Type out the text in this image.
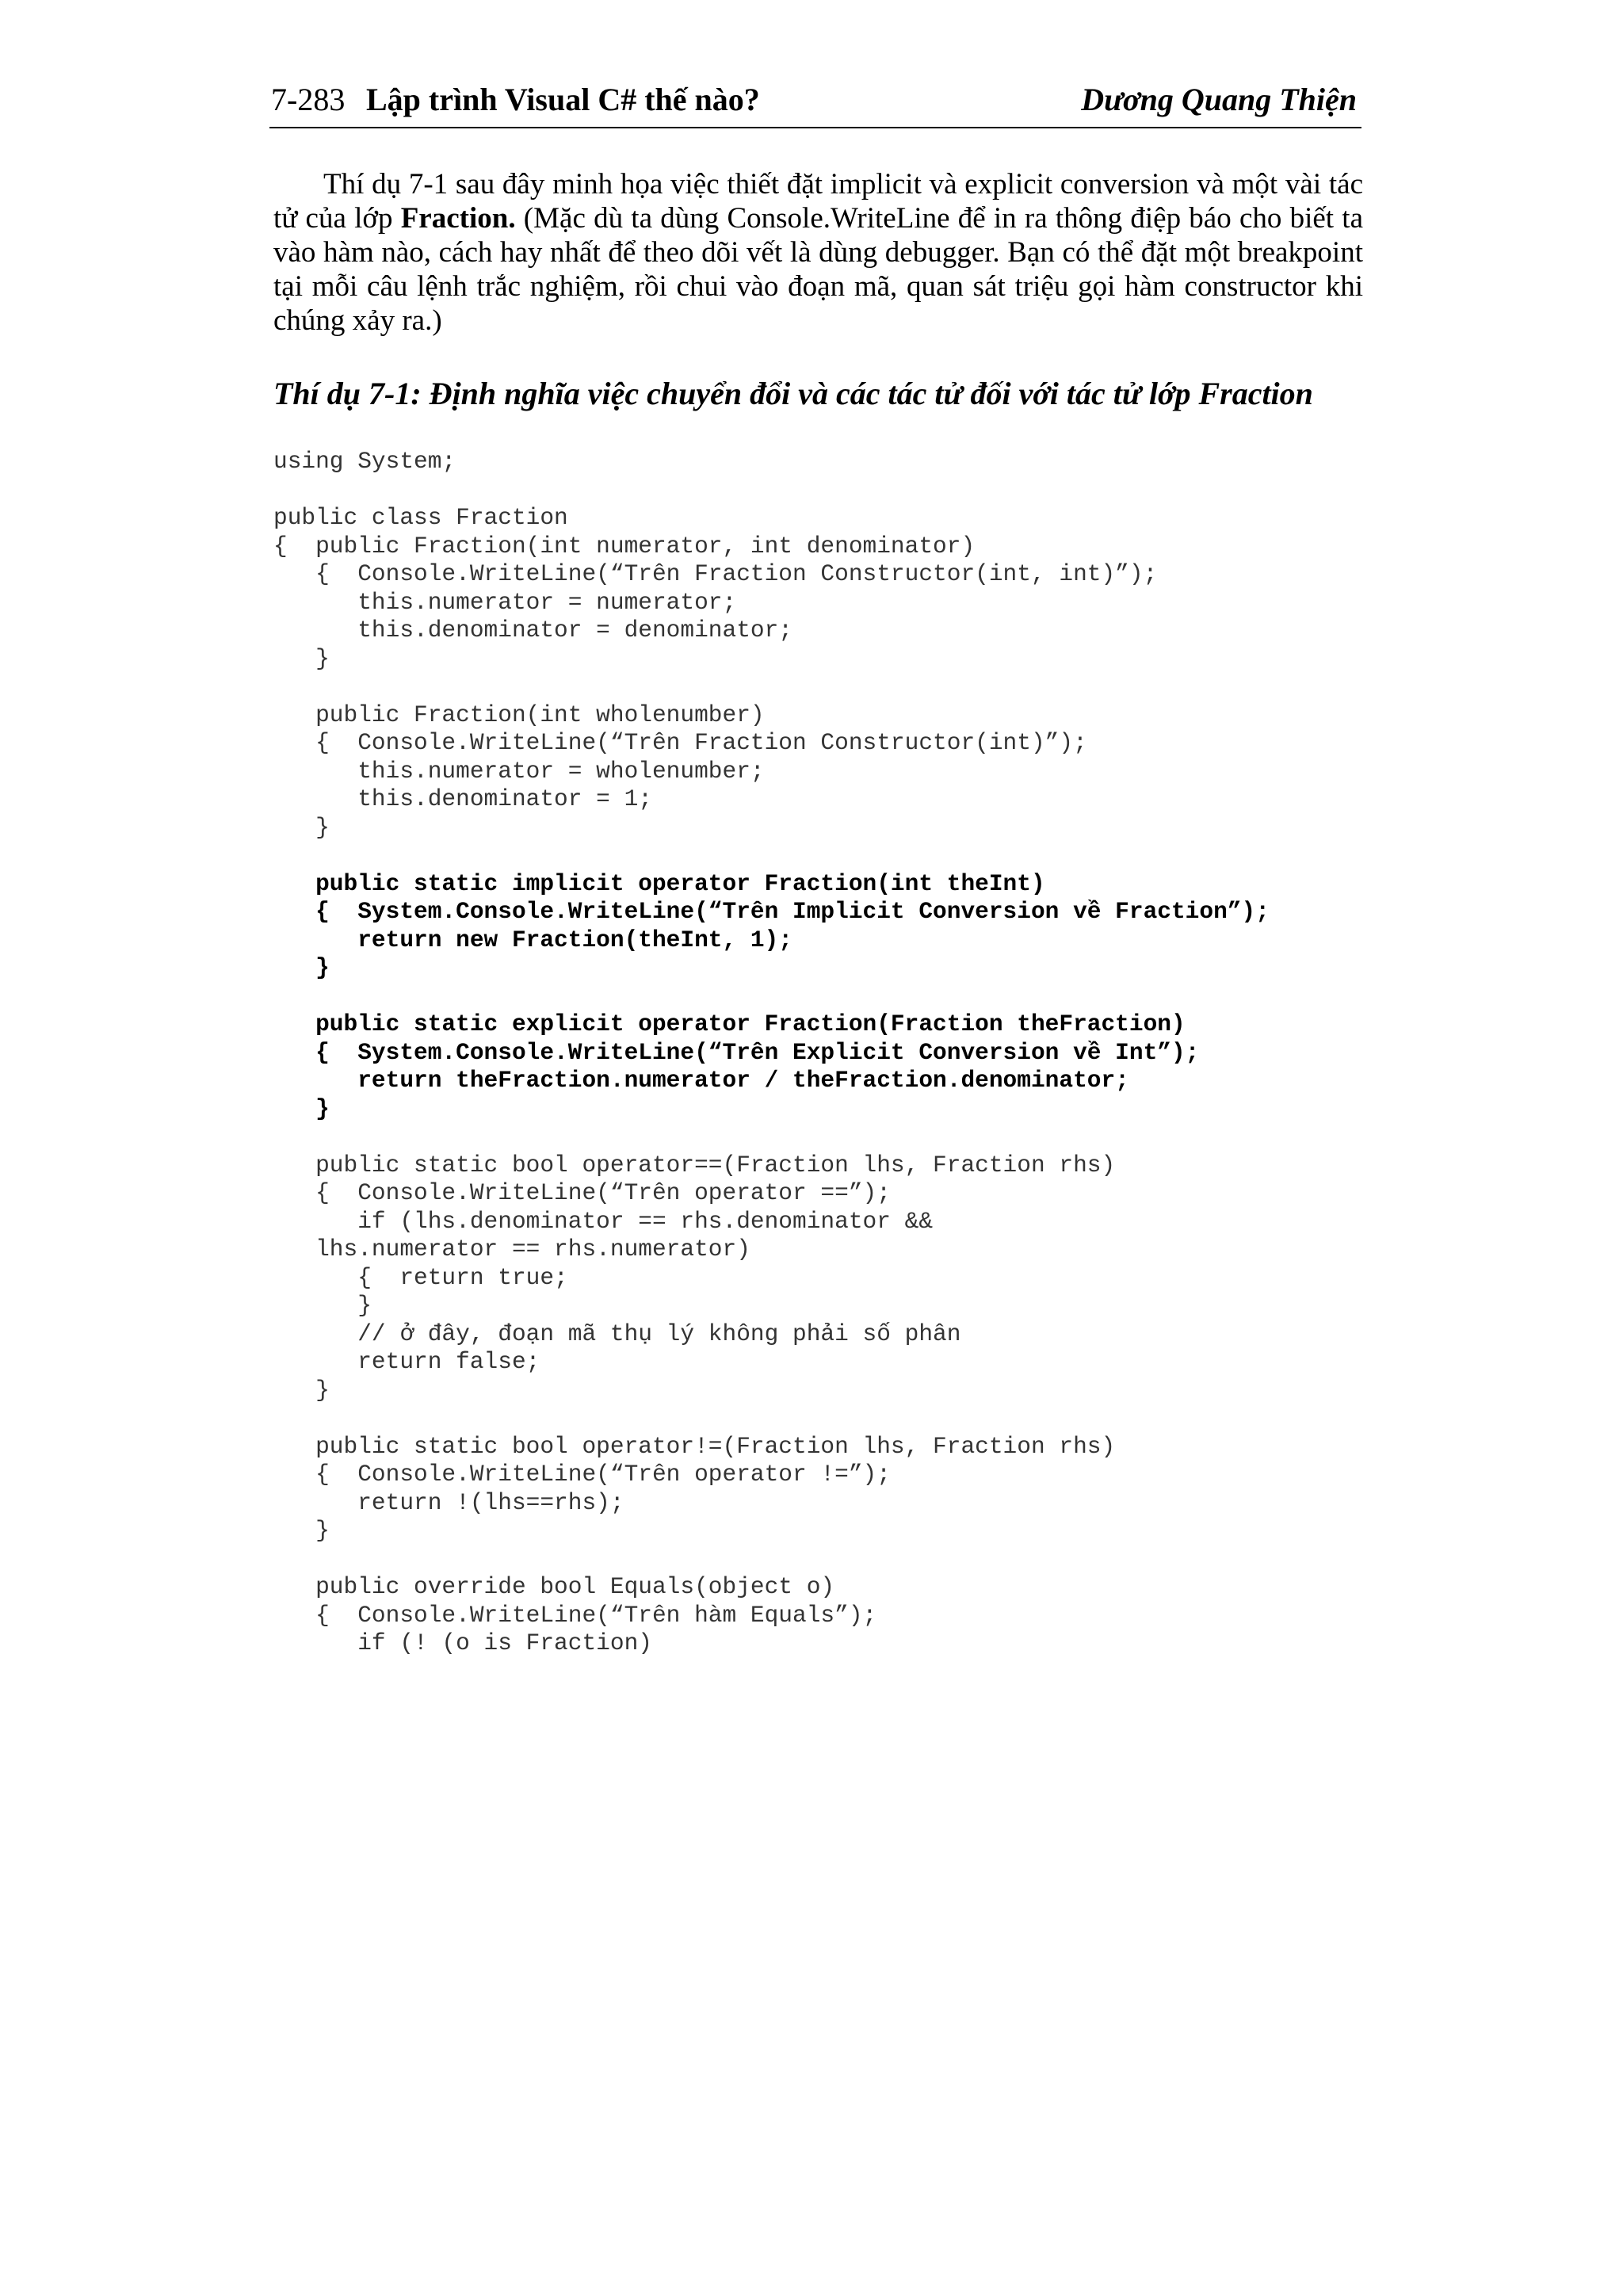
7-283 Lập trình Visual C# thế nào?	Dương Quang Thiện
Thí dụ 7-1 sau đây minh họa việc thiết đặt implicit và explicit conversion và một vài tác tử của lớp Fraction. (Mặc dù ta dùng Console.WriteLine để in ra thông điệp báo cho biết ta vào hàm nào, cách hay nhất để theo dõi vết là dùng debugger. Bạn có thể đặt một breakpoint tại mỗi câu lệnh trắc nghiệm, rồi chui vào đoạn mã, quan sát triệu gọi hàm constructor khi chúng xảy ra.)
Thí dụ 7-1: Định nghĩa việc chuyển đổi và các tác tử đối với tác tử lớp Fraction
using System;
public class Fraction
{  public Fraction(int numerator, int denominator)
{  Console.WriteLine(“Trên Fraction Constructor(int, int)”);
this.numerator = numerator;
this.denominator = denominator;
}
public Fraction(int wholenumber)
{  Console.WriteLine(“Trên Fraction Constructor(int)”);
this.numerator = wholenumber;
this.denominator = 1;
}
public static implicit operator Fraction(int theInt)
{  System.Console.WriteLine(“Trên Implicit Conversion về Fraction”);
return new Fraction(theInt, 1);
}
public static explicit operator Fraction(Fraction theFraction)
{  System.Console.WriteLine(“Trên Explicit Conversion về Int”);
return theFraction.numerator / theFraction.denominator;
}
public static bool operator==(Fraction lhs, Fraction rhs)
{  Console.WriteLine(“Trên operator ==”);
if (lhs.denominator == rhs.denominator &&
lhs.numerator == rhs.numerator)
{  return true;
}
// ở đây, đoạn mã thụ lý không phải số phân
return false;
}
public static bool operator!=(Fraction lhs, Fraction rhs)
{  Console.WriteLine(“Trên operator !=”);
return !(lhs==rhs);
}
public override bool Equals(object o)
{  Console.WriteLine(“Trên hàm Equals”);
if (! (o is Fraction)
